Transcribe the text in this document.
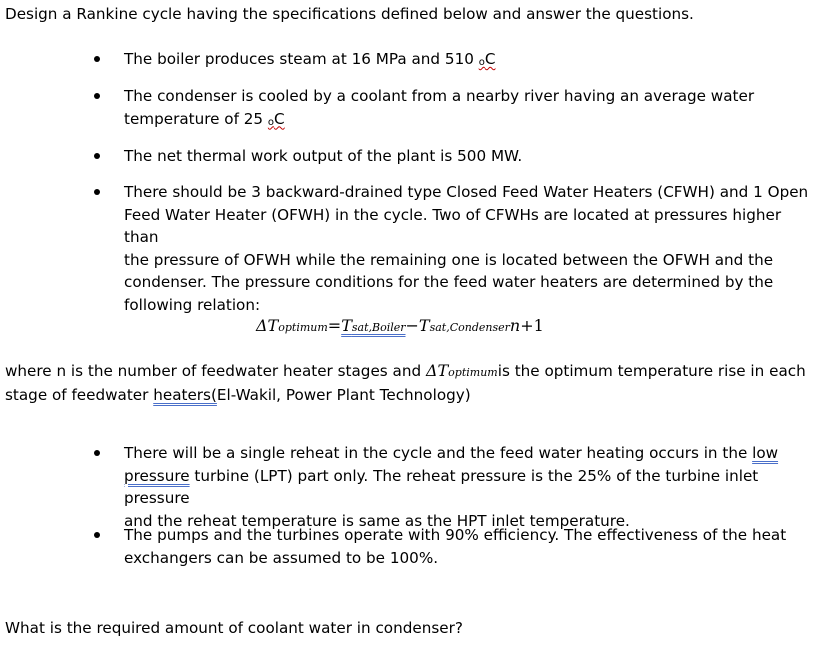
Design a Rankine cycle having the specifications defined below and answer the questions.
The boiler produces steam at 16 MPa and 510 oC
The condenser is cooled by a coolant from a nearby river having an average water
temperature of 25 oC
The net thermal work output of the plant is 500 MW.
There should be 3 backward-drained type Closed Feed Water Heaters (CFWH) and 1 Open
Feed Water Heater (OFWH) in the cycle. Two of CFWHs are located at pressures higher than
the pressure of OFWH while the remaining one is located between the OFWH and the
condenser. The pressure conditions for the feed water heaters are determined by the
following relation:
ΔToptimum=Tsat,Boiler−Tsat,Condensern+1
where n is the number of feedwater heater stages and ΔToptimumis the optimum temperature rise in each
stage of feedwater heaters(El-Wakil, Power Plant Technology)
There will be a single reheat in the cycle and the feed water heating occurs in the low
pressure turbine (LPT) part only. The reheat pressure is the 25% of the turbine inlet pressure
and the reheat temperature is same as the HPT inlet temperature.
The pumps and the turbines operate with 90% efficiency. The effectiveness of the heat
exchangers can be assumed to be 100%.
What is the required amount of coolant water in condenser?
